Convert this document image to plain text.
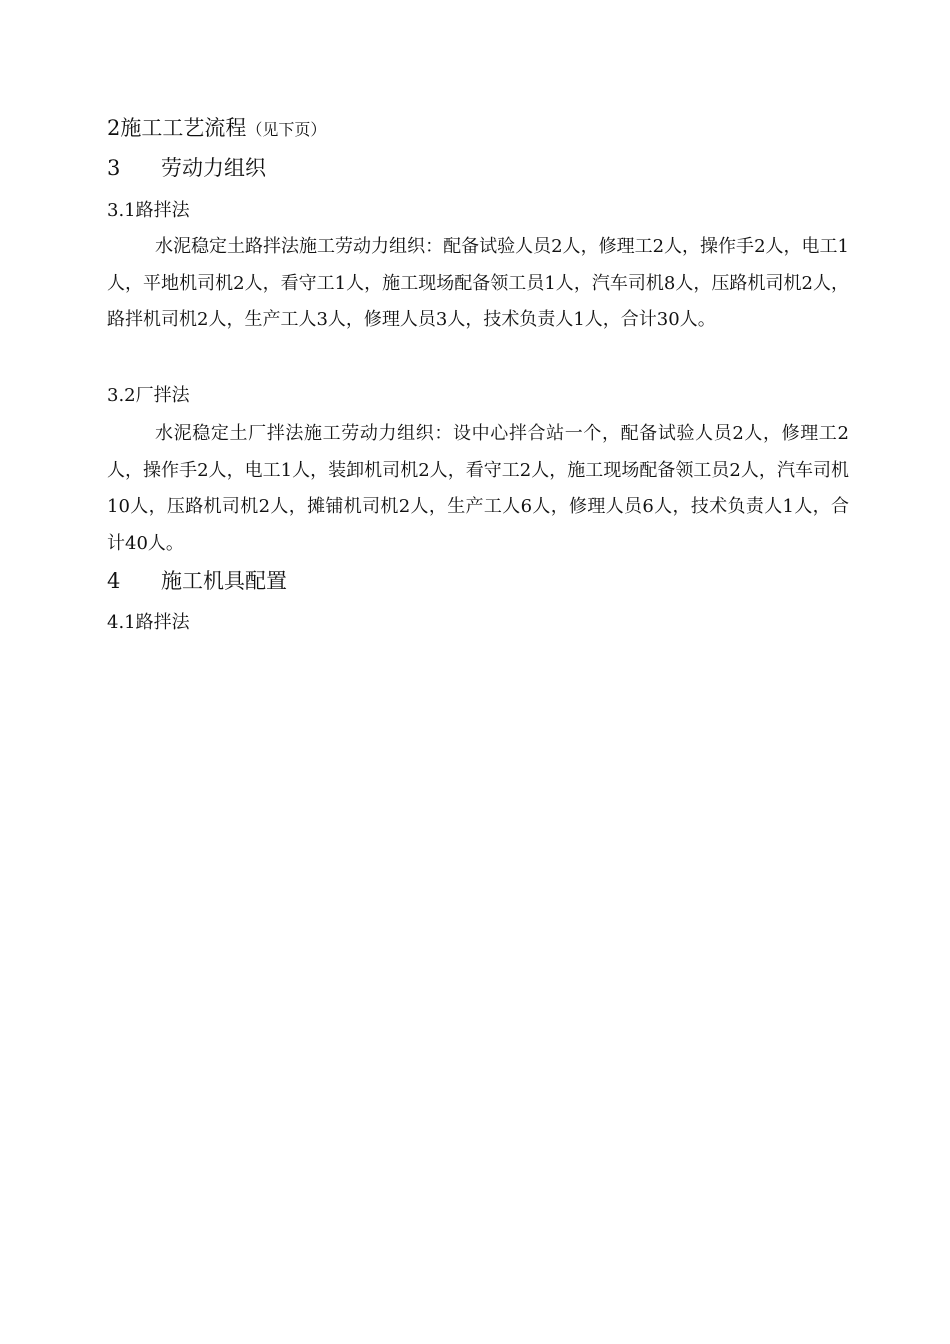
2施工工艺流程（见下页）
3 劳动力组织
3.1路拌法

水泥稳定土路拌法施工劳动力组织：配备试验人员2人，修理工2人，操作手2人，电工1人，平地机司机2人，看守工1人，施工现场配备领工员1人，汽车司机8人，压路机司机2人，路拌机司机2人，生产工人3人，修理人员3人，技术负责人1人，合计30人。

3.2厂拌法

水泥稳定土厂拌法施工劳动力组织：设中心拌合站一个，配备试验人员2人，修理工2人，操作手2人，电工1人，装卸机司机2人，看守工2人，施工现场配备领工员2人，汽车司机10人，压路机司机2人，摊铺机司机2人，生产工人6人，修理人员6人，技术负责人1人，合计40人。

4 施工机具配置
4.1路拌法
